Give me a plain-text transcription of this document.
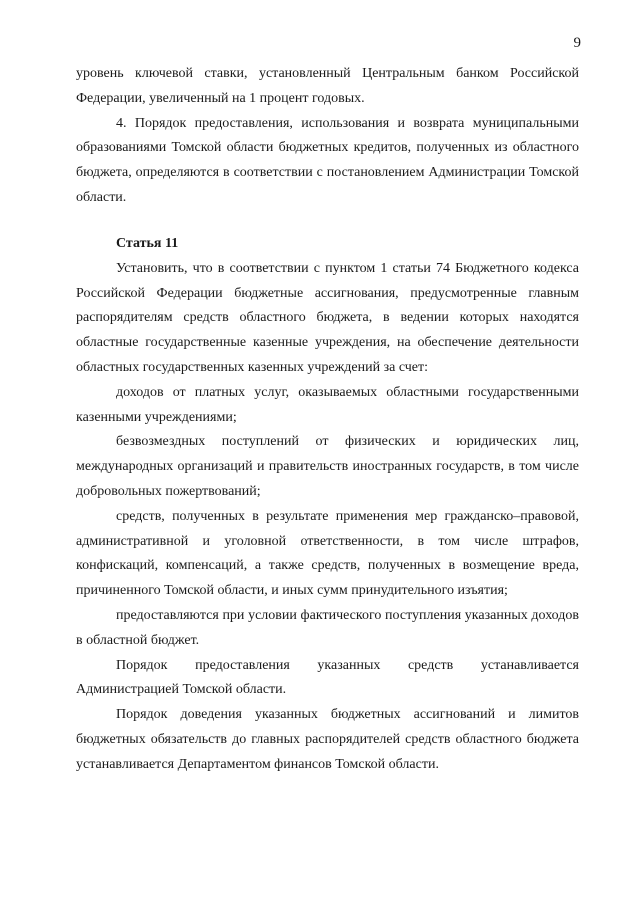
9

уровень ключевой ставки, установленный Центральным банком Российской Федерации, увеличенный на 1 процент годовых.

4. Порядок предоставления, использования и возврата муниципальными образованиями Томской области бюджетных кредитов, полученных из областного бюджета, определяются в соответствии с постановлением Администрации Томской области.

Статья 11

Установить, что в соответствии с пунктом 1 статьи 74 Бюджетного кодекса Российской Федерации бюджетные ассигнования, предусмотренные главным распорядителям средств областного бюджета, в ведении которых находятся областные государственные казенные учреждения, на обеспечение деятельности областных государственных казенных учреждений за счет:

доходов от платных услуг, оказываемых областными государственными казенными учреждениями;

безвозмездных поступлений от физических и юридических лиц, международных организаций и правительств иностранных государств, в том числе добровольных пожертвований;

средств, полученных в результате применения мер гражданско–правовой, административной и уголовной ответственности, в том числе штрафов, конфискаций, компенсаций, а также средств, полученных в возмещение вреда, причиненного Томской области, и иных сумм принудительного изъятия;

предоставляются при условии фактического поступления указанных доходов в областной бюджет.

Порядок предоставления указанных средств устанавливается Администрацией Томской области.

Порядок доведения указанных бюджетных ассигнований и лимитов бюджетных обязательств до главных распорядителей средств областного бюджета устанавливается Департаментом финансов Томской области.
